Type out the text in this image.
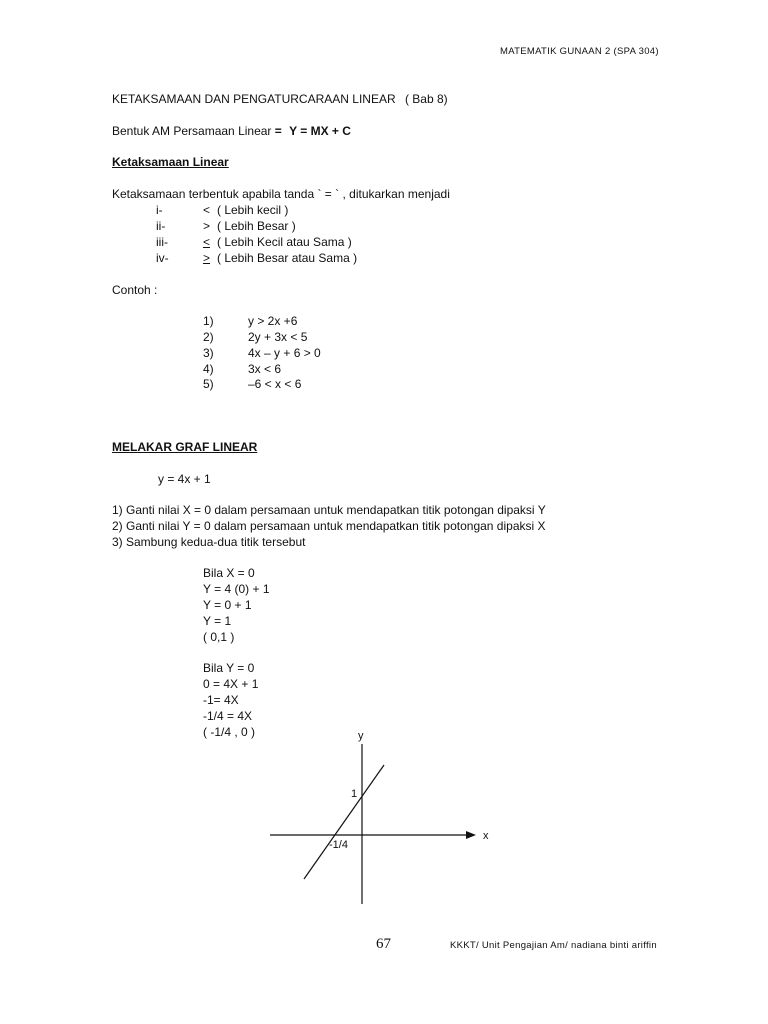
MATEMATIK GUNAAN 2 (SPA 304)
KETAKSAMAAN DAN PENGATURCARAAN LINEAR ( Bab 8)
Bentuk AM Persamaan Linear = Y = MX + C
Ketaksamaan Linear
Ketaksamaan terbentuk apabila tanda ` = ` , ditukarkan menjadi
i-	< ( Lebih kecil )
ii-	> ( Lebih Besar )
iii-	< ( Lebih Kecil atau Sama )
iv-	> ( Lebih Besar atau Sama )
Contoh :
1)	y > 2x +6
2)	2y + 3x < 5
3)	4x – y + 6 > 0
4)	3x < 6
5)	–6 < x < 6
MELAKAR GRAF LINEAR
y = 4x + 1
1) Ganti nilai X = 0 dalam persamaan untuk mendapatkan titik potongan dipaksi Y
2) Ganti nilai Y = 0 dalam persamaan untuk mendapatkan titik potongan dipaksi X
3) Sambung kedua-dua titik tersebut
Bila X = 0
Y = 4 (0) + 1
Y = 0 + 1
Y = 1
( 0,1 )
Bila Y = 0
0 = 4X + 1
-1= 4X
-1/4 = 4X
( -1/4 , 0 )	y
x
1
-1/4
67	KKKT/ Unit Pengajian Am/ nadiana binti ariffin
